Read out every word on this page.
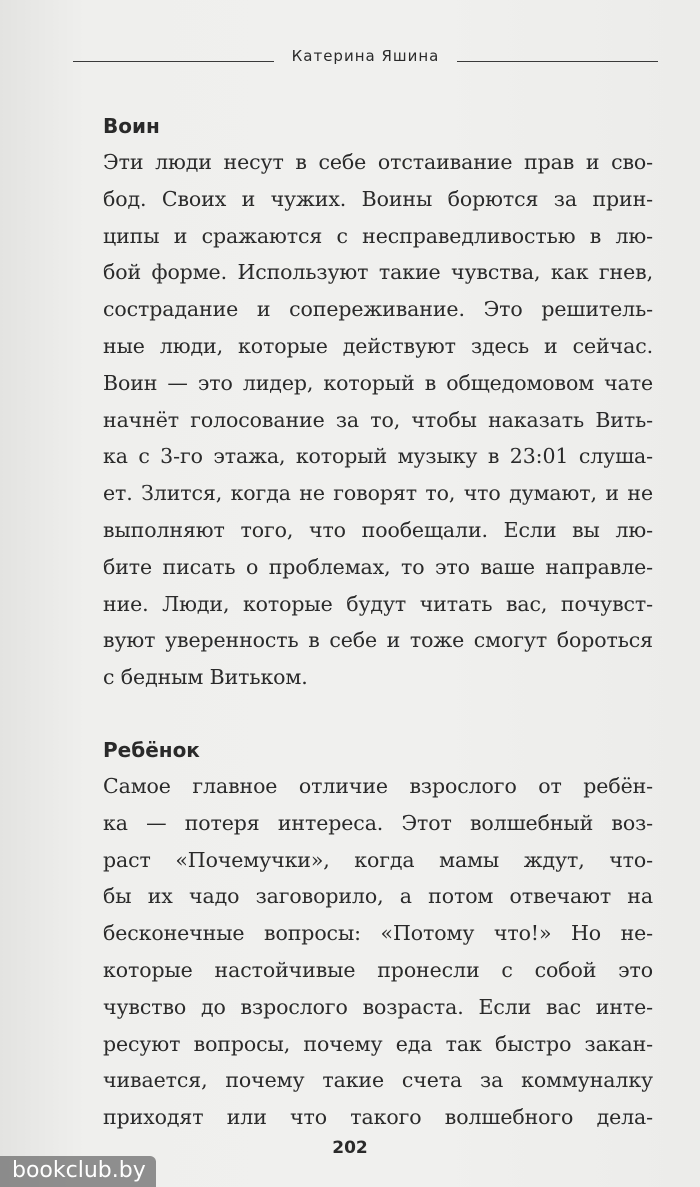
Катерина Яшина
Воин
Эти люди несут в себе отстаивание прав и сво-
бод. Своих и чужих. Воины борются за прин-
ципы и сражаются с несправедливостью в лю-
бой форме. Используют такие чувства, как гнев,
сострадание и сопереживание. Это решитель-
ные люди, которые действуют здесь и сейчас.
Воин — это лидер, который в общедомовом чате
начнёт голосование за то, чтобы наказать Вить-
ка с 3-го этажа, который музыку в 23:01 слуша-
ет. Злится, когда не говорят то, что думают, и не
выполняют того, что пообещали. Если вы лю-
бите писать о проблемах, то это ваше направле-
ние. Люди, которые будут читать вас, почувст-
вуют уверенность в себе и тоже смогут бороться
с бедным Витьком.
Ребёнок
Самое главное отличие взрослого от ребён-
ка — потеря интереса. Этот волшебный воз-
раст «Почемучки», когда мамы ждут, что-
бы их чадо заговорило, а потом отвечают на
бесконечные вопросы: «Потому что!» Но не-
которые настойчивые пронесли с собой это
чувство до взрослого возраста. Если вас инте-
ресуют вопросы, почему еда так быстро закан-
чивается, почему такие счета за коммуналку
приходят или что такого волшебного дела-
202
bookclub.by
